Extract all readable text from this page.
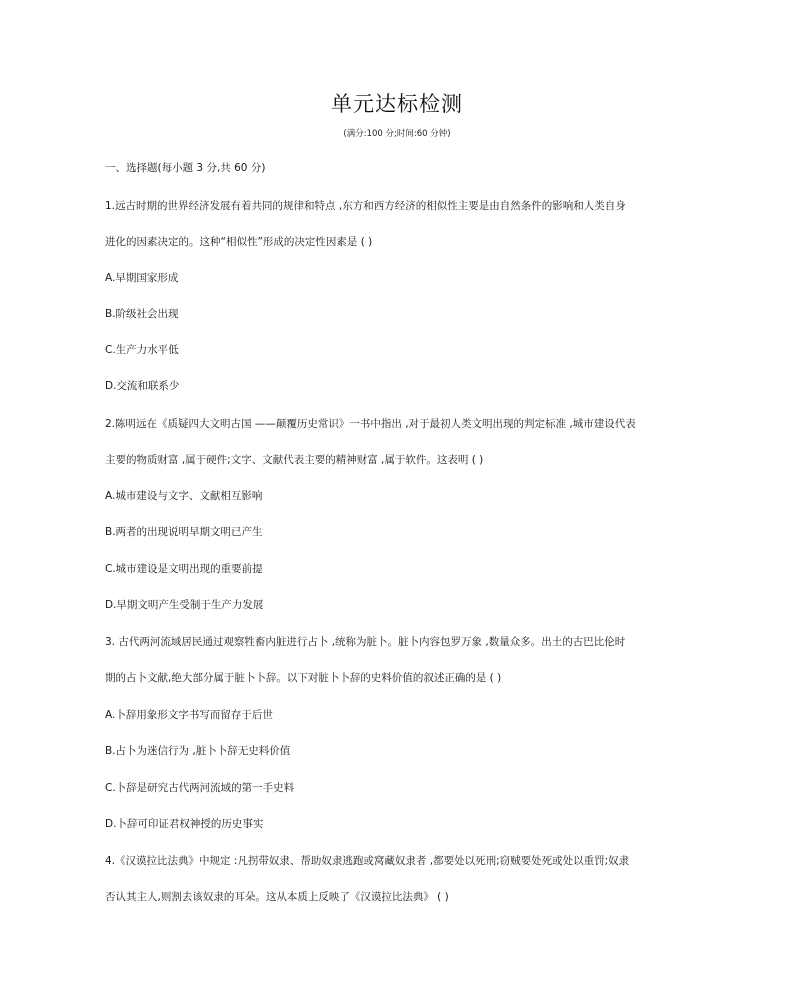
单元达标检测
(满分:100 分;时间:60 分钟)
一、选择题(每小题 3 分,共 60 分)
1.远古时期的世界经济发展有着共同的规律和特点 ,东方和西方经济的相似性主要是由自然条件的影响和人类自身
进化的因素决定的。这种“相似性”形成的决定性因素是 ( )
A.早期国家形成
B.阶级社会出现
C.生产力水平低
D.交流和联系少
2.陈明远在《质疑四大文明古国 ——颠覆历史常识》一书中指出 ,对于最初人类文明出现的判定标准 ,城市建设代表
主要的物质财富 ,属于硬件;文字、文献代表主要的精神财富 ,属于软件。这表明 ( )
A.城市建设与文字、文献相互影响
B.两者的出现说明早期文明已产生
C.城市建设是文明出现的重要前提
D.早期文明产生受制于生产力发展
3. 古代两河流域居民通过观察牲畜内脏进行占卜 ,统称为脏卜。脏卜内容包罗万象 ,数量众多。出土的古巴比伦时
期的占卜文献,绝大部分属于脏卜卜辞。以下对脏卜卜辞的史料价值的叙述正确的是 ( )
A.卜辞用象形文字书写而留存于后世
B.占卜为迷信行为 ,脏卜卜辞无史料价值
C.卜辞是研究古代两河流域的第一手史料
D.卜辞可印证君权神授的历史事实
4.《汉谟拉比法典》中规定 :凡拐带奴隶、帮助奴隶逃跑或窝藏奴隶者 ,都要处以死刑;窃贼要处死或处以重罚;奴隶
否认其主人,则割去该奴隶的耳朵。这从本质上反映了《汉谟拉比法典》 ( )
